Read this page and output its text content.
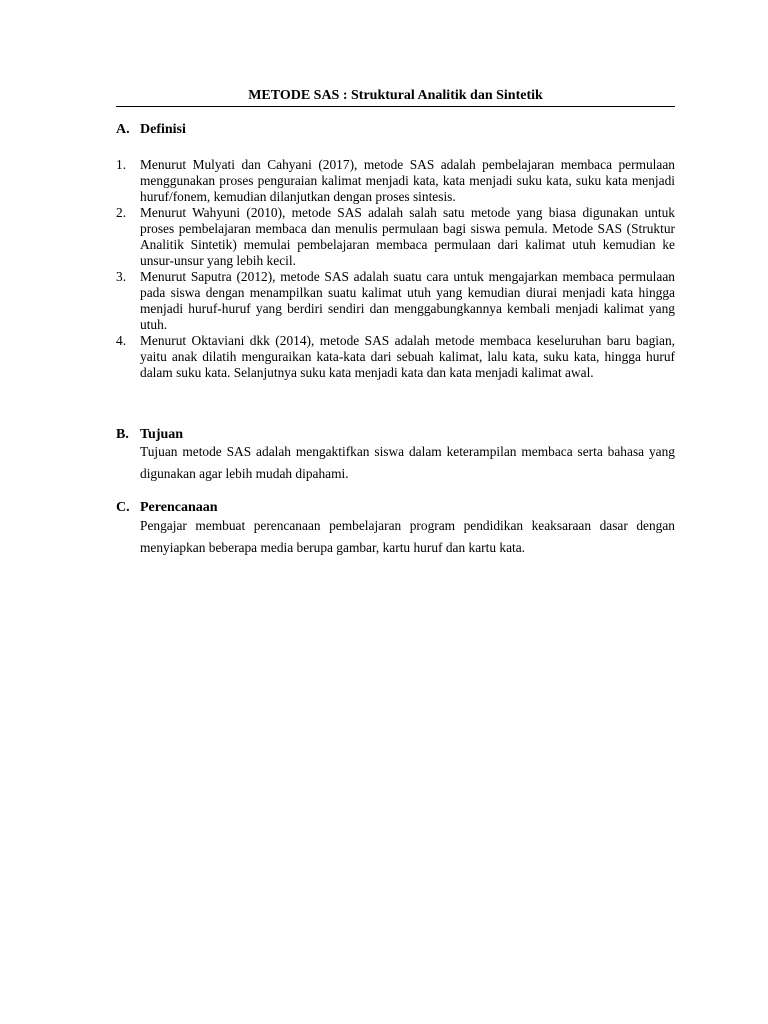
METODE SAS : Struktural Analitik dan Sintetik
A. Definisi
1. Menurut Mulyati dan Cahyani (2017), metode SAS adalah pembelajaran membaca permulaan menggunakan proses penguraian kalimat menjadi kata, kata menjadi suku kata, suku kata menjadi huruf/fonem, kemudian dilanjutkan dengan proses sintesis.
2. Menurut Wahyuni (2010), metode SAS adalah salah satu metode yang biasa digunakan untuk proses pembelajaran membaca dan menulis permulaan bagi siswa pemula. Metode SAS (Struktur Analitik Sintetik) memulai pembelajaran membaca permulaan dari kalimat utuh kemudian ke unsur-unsur yang lebih kecil.
3. Menurut Saputra (2012), metode SAS adalah suatu cara untuk mengajarkan membaca permulaan pada siswa dengan menampilkan suatu kalimat utuh yang kemudian diurai menjadi kata hingga menjadi huruf-huruf yang berdiri sendiri dan menggabungkannya kembali menjadi kalimat yang utuh.
4. Menurut Oktaviani dkk (2014), metode SAS adalah metode membaca keseluruhan baru bagian, yaitu anak dilatih menguraikan kata-kata dari sebuah kalimat, lalu kata, suku kata, hingga huruf dalam suku kata. Selanjutnya suku kata menjadi kata dan kata menjadi kalimat awal.
B. Tujuan
Tujuan metode SAS adalah mengaktifkan siswa dalam keterampilan membaca serta bahasa yang digunakan agar lebih mudah dipahami.
C. Perencanaan
Pengajar membuat perencanaan pembelajaran program pendidikan keaksaraan dasar dengan menyiapkan beberapa media berupa gambar, kartu huruf dan kartu kata.
